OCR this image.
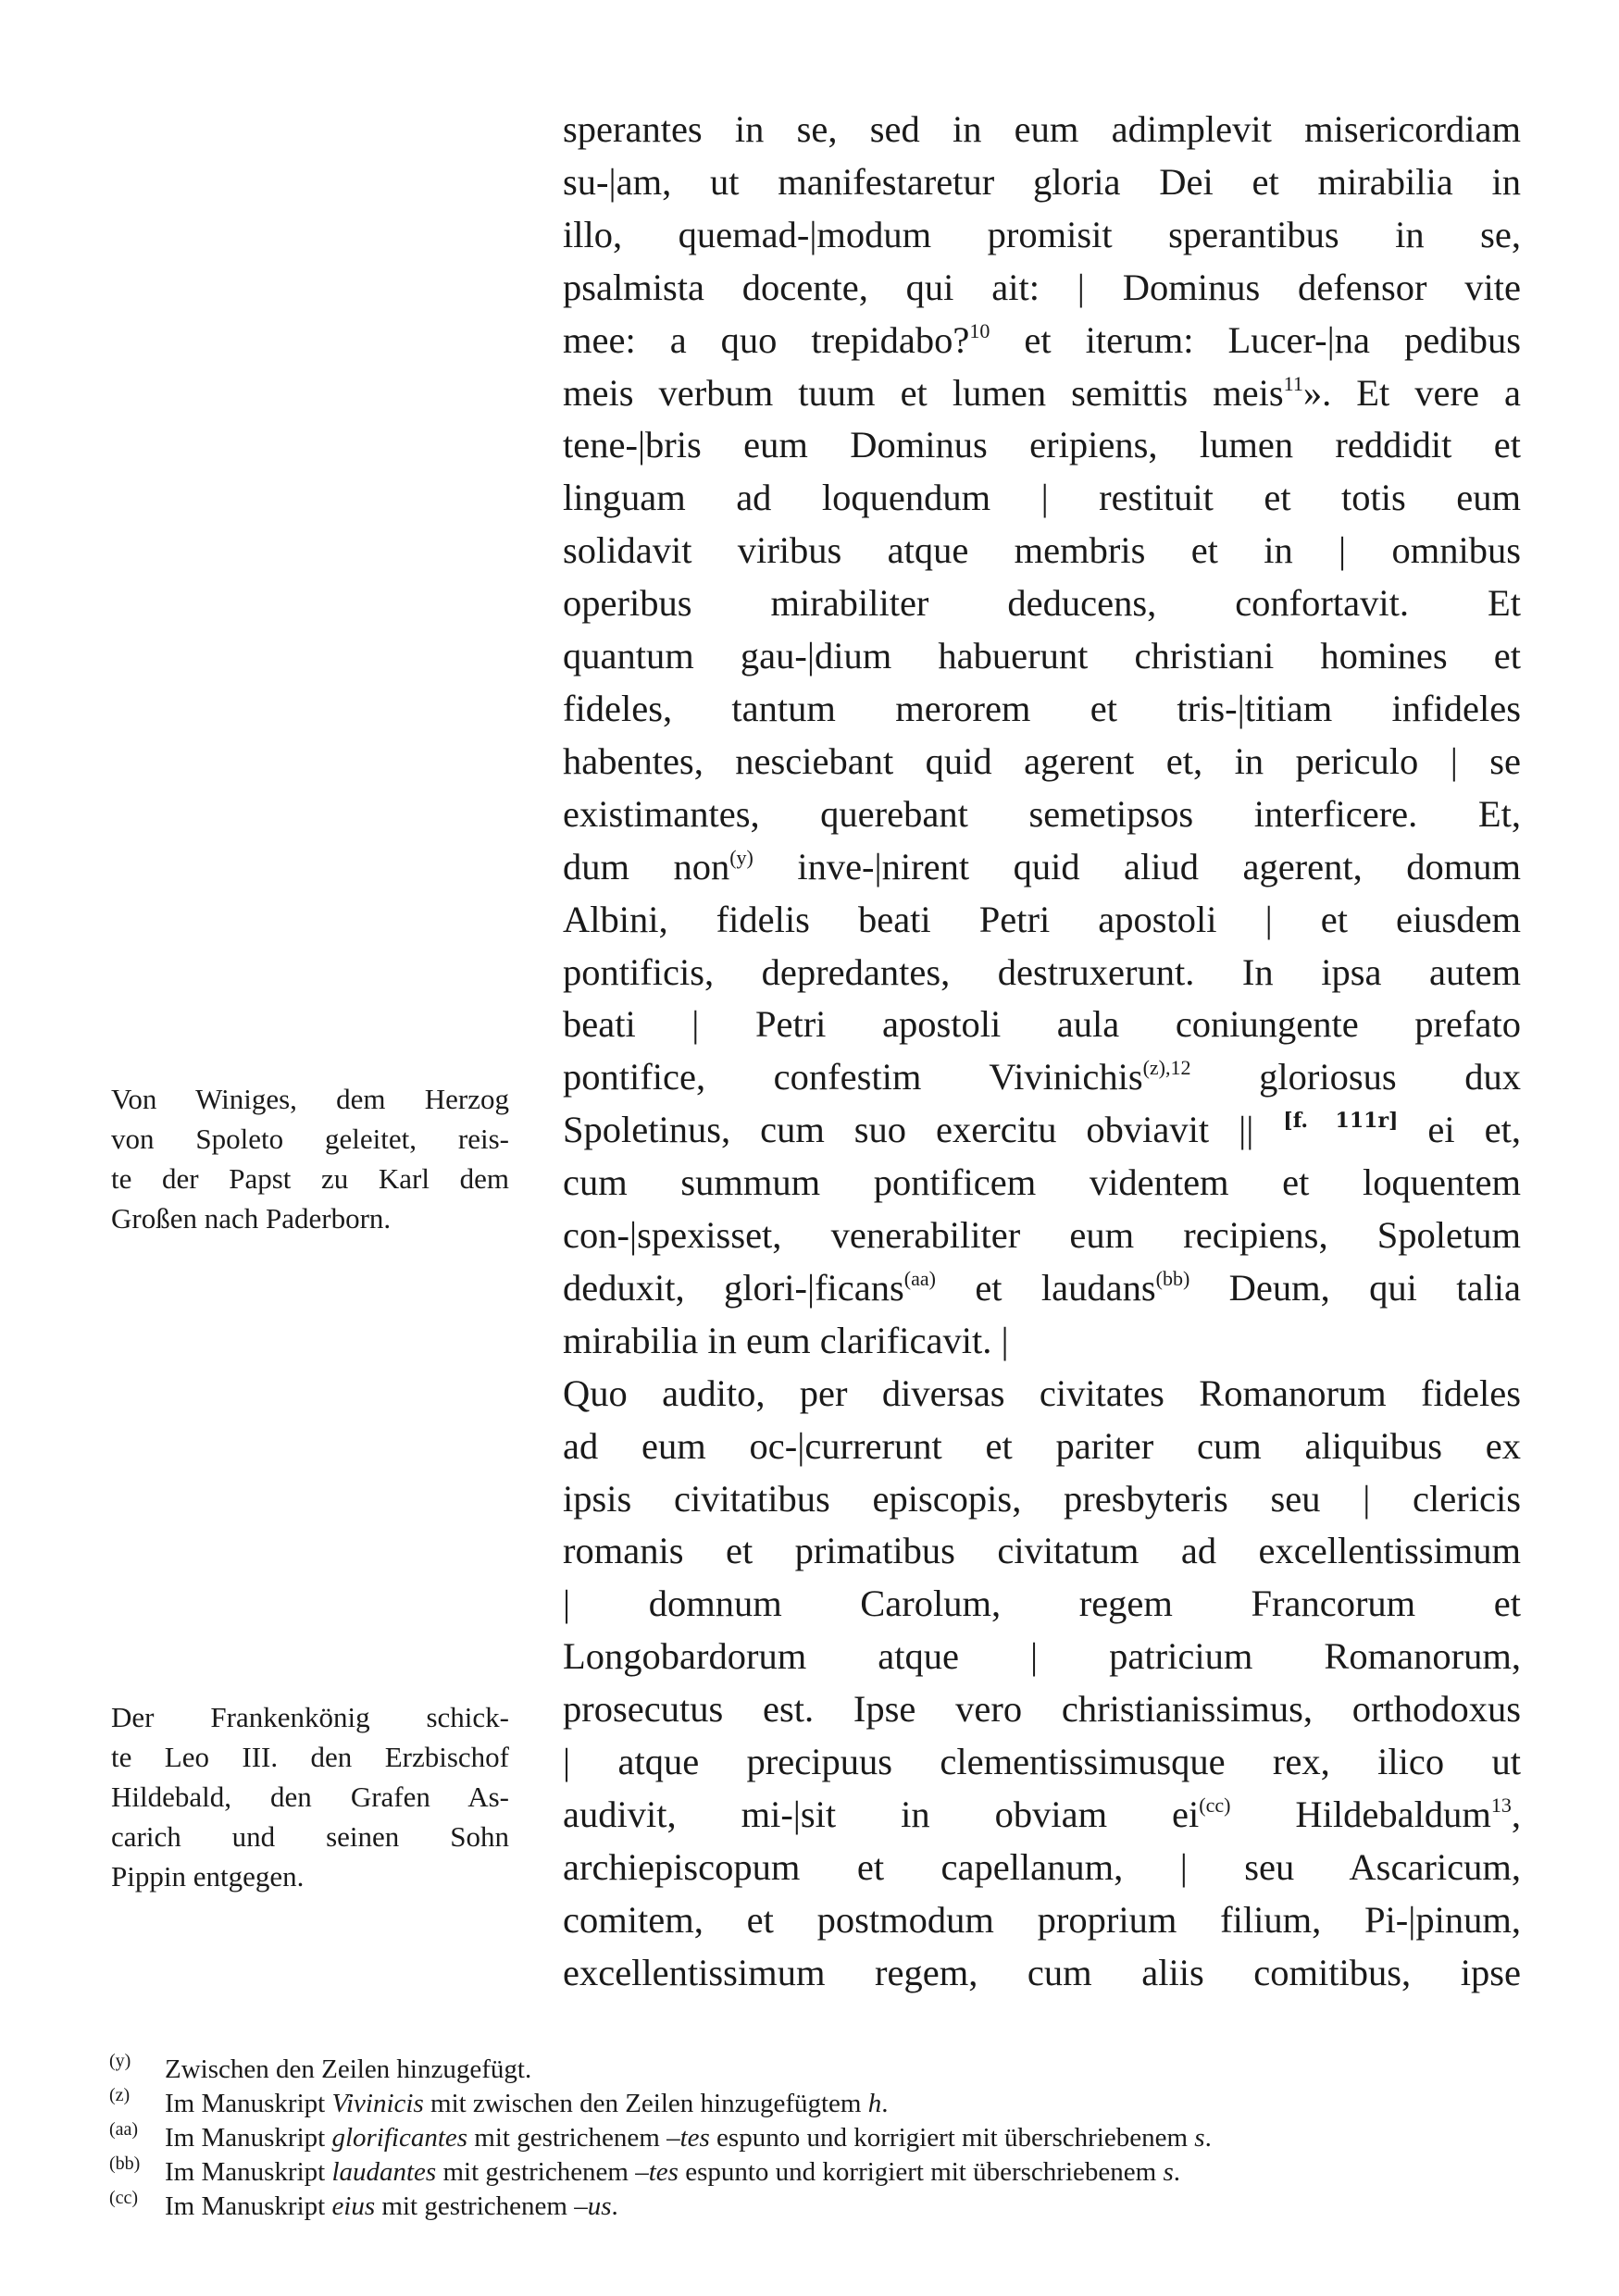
sperantes in se, sed in eum adimplevit misericordiam
su-|am, ut manifestaretur gloria Dei et mirabilia in
illo, quemad-|modum promisit sperantibus in se,
psalmista docente, qui ait: | Dominus defensor vite
mee: a quo trepidabo?$^{10}$ et iterum: Lucer-|na pedibus
meis verbum tuum et lumen semittis meis$^{11}$». Et vere a
tene-|bris eum Dominus eripiens, lumen reddidit et
linguam ad loquendum | restituit et totis eum
solidavit viribus atque membris et in | omnibus
operibus mirabiliter deducens, confortavit. Et
quantum gau-|dium habuerunt christiani homines et
fideles, tantum merorem et tris-|titiam infideles
habentes, nesciebant quid agerent et, in periculo | se
existimantes, querebant semetipsos interficere. Et,
dum non$^{(y)}$ inve-|nirent quid aliud agerent, domum
Albini, fidelis beati Petri apostoli | et eiusdem
pontificis, depredantes, destruxerunt. In ipsa autem
beati | Petri apostoli aula coniungente prefato
pontifice, confestim Vivinichis$^{(z),12}$ gloriosus dux
Spoletinus, cum suo exercitu obviavit || [f. 111r] ei et,
cum summum pontificem videntem et loquentem
con-|spexisset, venerabiliter eum recipiens, Spoletum
deduxit, glori-|ficans$^{(aa)}$ et laudans$^{(bb)}$ Deum, qui talia
mirabilia in eum clarificavit. |
Quo audito, per diversas civitates Romanorum fideles
ad eum oc-|currerunt et pariter cum aliquibus ex
ipsis civitatibus episcopis, presbyteris seu | clericis
romanis et primatibus civitatum ad excellentissimum
| domnum Carolum, regem Francorum et
Longobardorum atque | patricium Romanorum,
prosecutus est. Ipse vero christianissimus, orthodoxus
| atque precipuus clementissimusque rex, ilico ut
audivit, mi-|sit in obviam $ei^{(cc)}$ Hildebaldum$^{13}$,
archiepiscopum et capellanum, | seu Ascaricum,
comitem, et postmodum proprium filium, Pi-|pinum,
excellentissimum regem, cum aliis comitibus, ipse
Von Winiges, dem Herzog
von Spoleto geleitet, reis-
te der Papst zu Karl dem
Großen nach Paderborn.
Der Frankenkönig schick-
te Leo III. den Erzbischof
Hildebald, den Grafen As-
carich und seinen Sohn
Pippin entgegen.
(y) Zwischen den Zeilen hinzugefügt.
(z) Im Manuskript Vivinicis mit zwischen den Zeilen hinzugefügtem h.
(aa) Im Manuskript glorificantes mit gestrichenem –tes espunto und korrigiert mit überschriebenem s.
(bb) Im Manuskript laudantes mit gestrichenem –tes espunto und korrigiert mit überschriebenem s.
(cc) Im Manuskript eius mit gestrichenem –us.
